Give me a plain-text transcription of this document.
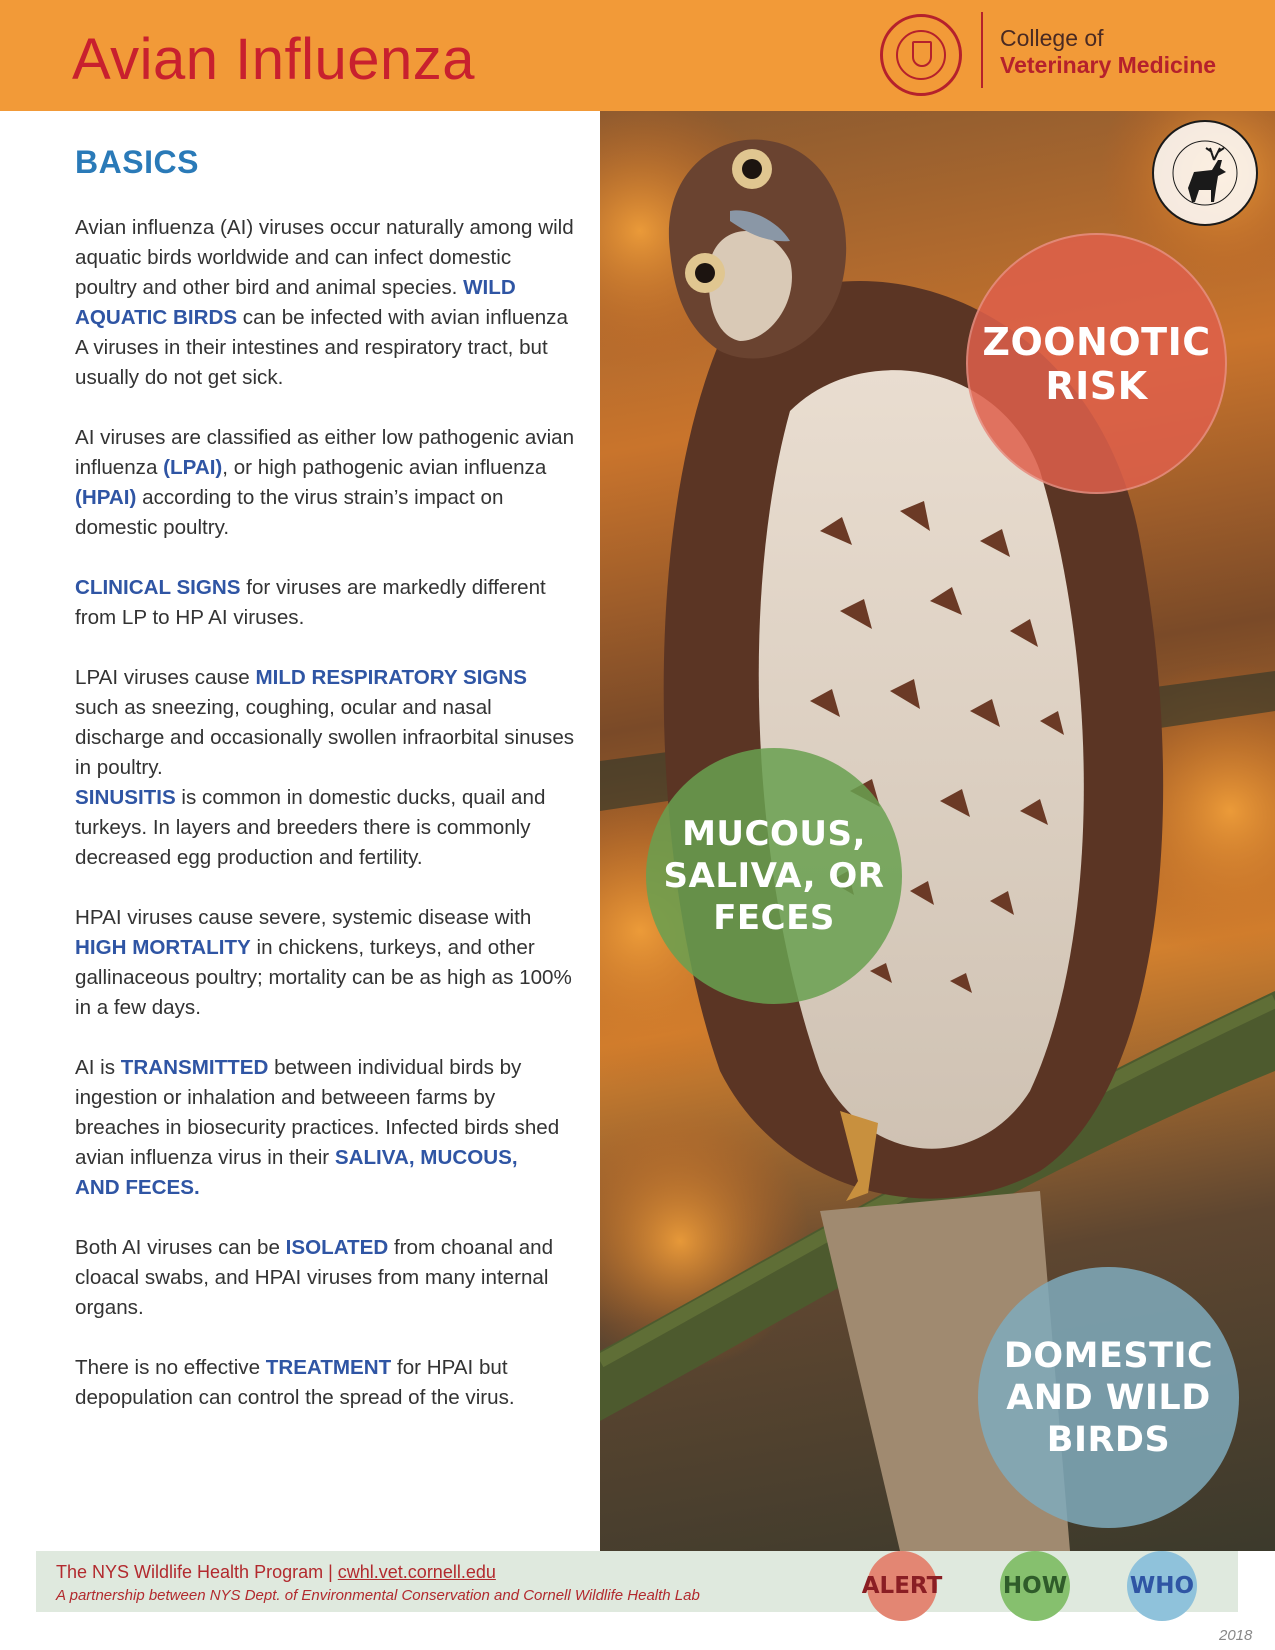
Avian Influenza	College of
Veterinary Medicine
BASICS

Avian influenza (AI) viruses occur naturally among wild aquatic birds worldwide and can infect domestic poultry and other bird and animal species. WILD AQUATIC BIRDS can be infected with avian influenza A viruses in their intestines and respiratory tract, but usually do not get sick.

AI viruses are classified as either low pathogenic avian influenza (LPAI), or high pathogenic avian influenza (HPAI) according to the virus strain’s impact on domestic poultry.

CLINICAL SIGNS for viruses are markedly different from LP to HP AI viruses.

LPAI viruses cause MILD RESPIRATORY SIGNS such as sneezing, coughing, ocular and nasal discharge and occasionally swollen infraorbital sinuses in poultry.

SINUSITIS is common in domestic ducks, quail and turkeys. In layers and breeders there is commonly decreased egg production and fertility.

HPAI viruses cause severe, systemic disease with HIGH MORTALITY in chickens, turkeys, and other gallinaceous poultry; mortality can be as high as 100% in a few days.

AI is TRANSMITTED between individual birds by ingestion or inhalation and betweeen farms by breaches in biosecurity practices. Infected birds shed avian influenza virus in their SALIVA, MUCOUS,
AND FECES.

Both AI viruses can be ISOLATED from choanal and cloacal swabs, and HPAI viruses from many internal organs.

There is no effective TREATMENT for HPAI but depopulation can control the spread of the virus.

ZOONOTIC
RISK
MUCOUS,
SALIVA, OR
FECES
DOMESTIC
AND WILD
BIRDS
The NYS Wildlife Health Program | cwhl.vet.cornell.edu
A partnership between NYS Dept. of Environmental Conservation and Cornell Wildlife Health Lab	ALERT	HOW	WHO
2018
